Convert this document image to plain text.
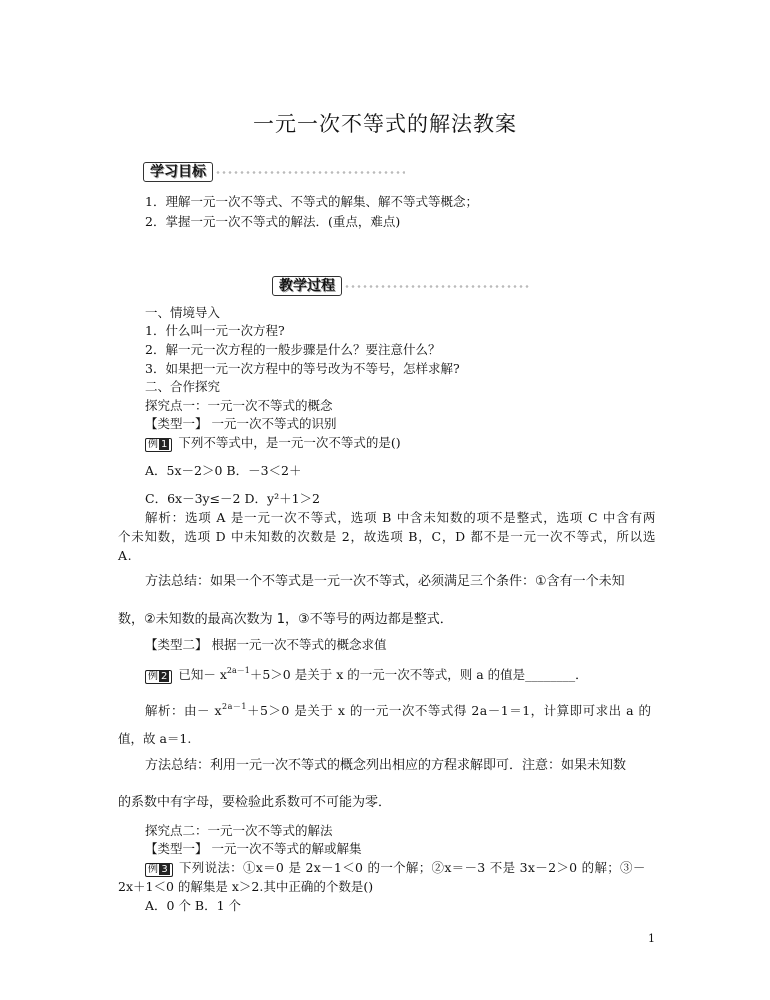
一元一次不等式的解法教案
学习目标
1．理解一元一次不等式、不等式的解集、解不等式等概念；
2．掌握一元一次不等式的解法．(重点，难点)
教学过程
一、情境导入
1．什么叫一元一次方程?
2．解一元一次方程的一般步骤是什么？要注意什么？
3．如果把一元一次方程中的等号改为不等号，怎样求解?
二、合作探究
探究点一：一元一次不等式的概念
【类型一】 一元一次不等式的识别
例 1 下列不等式中，是一元一次不等式的是()
A．5x－2＞0 B．－3＜2＋
C．6x－3y≤－2 D．y²＋1＞2
解析：选项 A 是一元一次不等式，选项 B 中含未知数的项不是整式，选项 C 中含有两个未知数，选项 D 中未知数的次数是 2，故选项 B，C，D 都不是一元一次不等式，所以选 A.
方法总结：如果一个不等式是一元一次不等式，必须满足三个条件：①含有一个未知
数，②未知数的最高次数为 1，③不等号的两边都是整式．
【类型二】 根据一元一次不等式的概念求值
例 2 已知－ $x^{2a-1}+5>0$ 是关于 x 的一元一次不等式，则 a 的值是________．
解析：由－ $x^{2a-1}+5>0$ 是关于 x 的一元一次不等式得 2a－1＝1，计算即可求出 a 的
值，故 a＝1.
方法总结：利用一元一次不等式的概念列出相应的方程求解即可．注意：如果未知数
的系数中有字母，要检验此系数可不可能为零．
探究点二：一元一次不等式的解法
【类型一】 一元一次不等式的解或解集
例 3 下列说法：①x＝0 是 2x－1＜0 的一个解；②x＝－3 不是 3x－2＞0 的解；③－
2x＋1＜0 的解集是 x＞2.其中正确的个数是()
A．0 个 B．1 个
1
